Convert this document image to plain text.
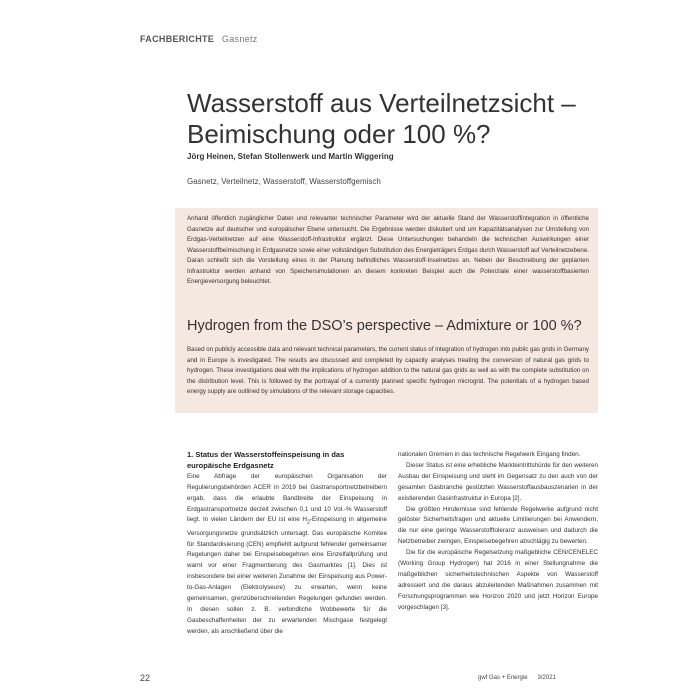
FACHBERICHTE Gasnetz
Wasserstoff aus Verteilnetzsicht –
Beimischung oder 100 %?
Jörg Heinen, Stefan Stollenwerk und Martin Wiggering
Gasnetz, Verteilnetz, Wasserstoff, Wasserstoffgemisch

Anhand öffentlich zugänglicher Daten und relevanter technischer Parameter wird der aktuelle Stand der Wasserstoffintegration in öffentliche Gasnetze auf deutscher und europäischer Ebene untersucht. Die Ergebnisse werden diskutiert und um Kapazitätsanalysen zur Umstellung von Erdgas-Verteilnetzen auf eine Wasserstoff-Infrastruktur ergänzt. Diese Untersuchungen behandeln die technischen Auswirkungen einer Wasserstoffbeimischung in Erdgasnetze sowie einer vollständigen Substitution des Energieträgers Erdgas durch Wasserstoff auf Verteilnetzebene. Daran schließt sich die Vorstellung eines in der Planung befindliches Wasserstoff-Inselnetzes an. Neben der Beschreibung der geplanten Infrastruktur werden anhand von Speichersimulationen an diesem konkreten Beispiel auch die Potenziale einer wasserstoffbasierten Energieversorgung beleuchtet.

Hydrogen from the DSO’s perspective – Admixture or 100 %?

Based on publicly accessible data and relevant technical parameters, the current status of integration of hydrogen into public gas grids in Germany and in Europe is investigated. The results are discussed and completed by capacity analyses treating the conversion of natural gas grids to hydrogen. These investigations deal with the implications of hydrogen addition to the natural gas grids as well as with the complete substitution on the distribution level. This is followed by the portrayal of a currently planned specific hydrogen microgrid. The potentials of a hydrogen based energy supply are outlined by simulations of the relevant storage capacities.

1. Status der Wasserstoffeinspeisung in das europäische Erdgasnetz

Eine Abfrage der europäischen Organisation der Regulierungsbehörden ACER in 2019 bei Gastransportnetzbetreibern ergab, dass die erlaubte Bandbreite der Einspeisung in Erdgastransportnetze derzeit zwischen 0,1 und 10 Vol.-% Wasserstoff liegt. In vielen Ländern der EU ist eine $H_2$-Einspeisung in allgemeine Versorgungsnetze grundsätzlich untersagt. Das europäische Komitee für Standardisierung (CEN) empfiehlt aufgrund fehlender gemeinsamer Regelungen daher bei Einspeisebegehren eine Einzelfallprüfung und warnt vor einer Fragmentierung des Gasmarktes [1]. Dies ist insbesondere bei einer weiteren Zunahme der Einspeisung aus Power-to-Gas-Anlagen (Elektrolyseure) zu erwarten, wenn keine gemeinsamen, grenzüberschreitenden Regelungen gefunden werden. In diesen sollen z. B. verbindliche Wobbewerte für die Gasbeschaffenheiten der zu erwartenden Mischgase festgelegt werden, als anschließend über die

nationalen Gremien in das technische Regelwerk Eingang finden.

Dieser Status ist eine erhebliche Markteintrittshürde für den weiteren Ausbau der Einspeisung und steht im Gegensatz zu den auch von der gesamten Gasbranche gestützten Wasserstoffausbauszenarien in der existierenden Gasinfrastruktur in Europa [2].

Die größten Hindernisse sind fehlende Regelwerke aufgrund nicht gelöster Sicherheitsfragen und aktuelle Limitierungen bei Anwendern, die nur eine geringe Wasserstofftoleranz ausweisen und dadurch die Netzbetreiber zwingen, Einspeisebegehren abschlägig zu bewerten.

Die für die europäische Regelsetzung maßgebliche CEN/CENELEC (Working Group Hydrogen) hat 2016 in einer Stellungnahme die maßgeblichen sicherheitstechnischen Aspekte von Wasserstoff adressiert und die daraus abzuleitenden Maßnahmen zusammen mit Forschungsprogrammen wie Horizon 2020 und jetzt Horizon Europe vorgeschlagen [3].

22	gwf Gas + Energie 3/2021
